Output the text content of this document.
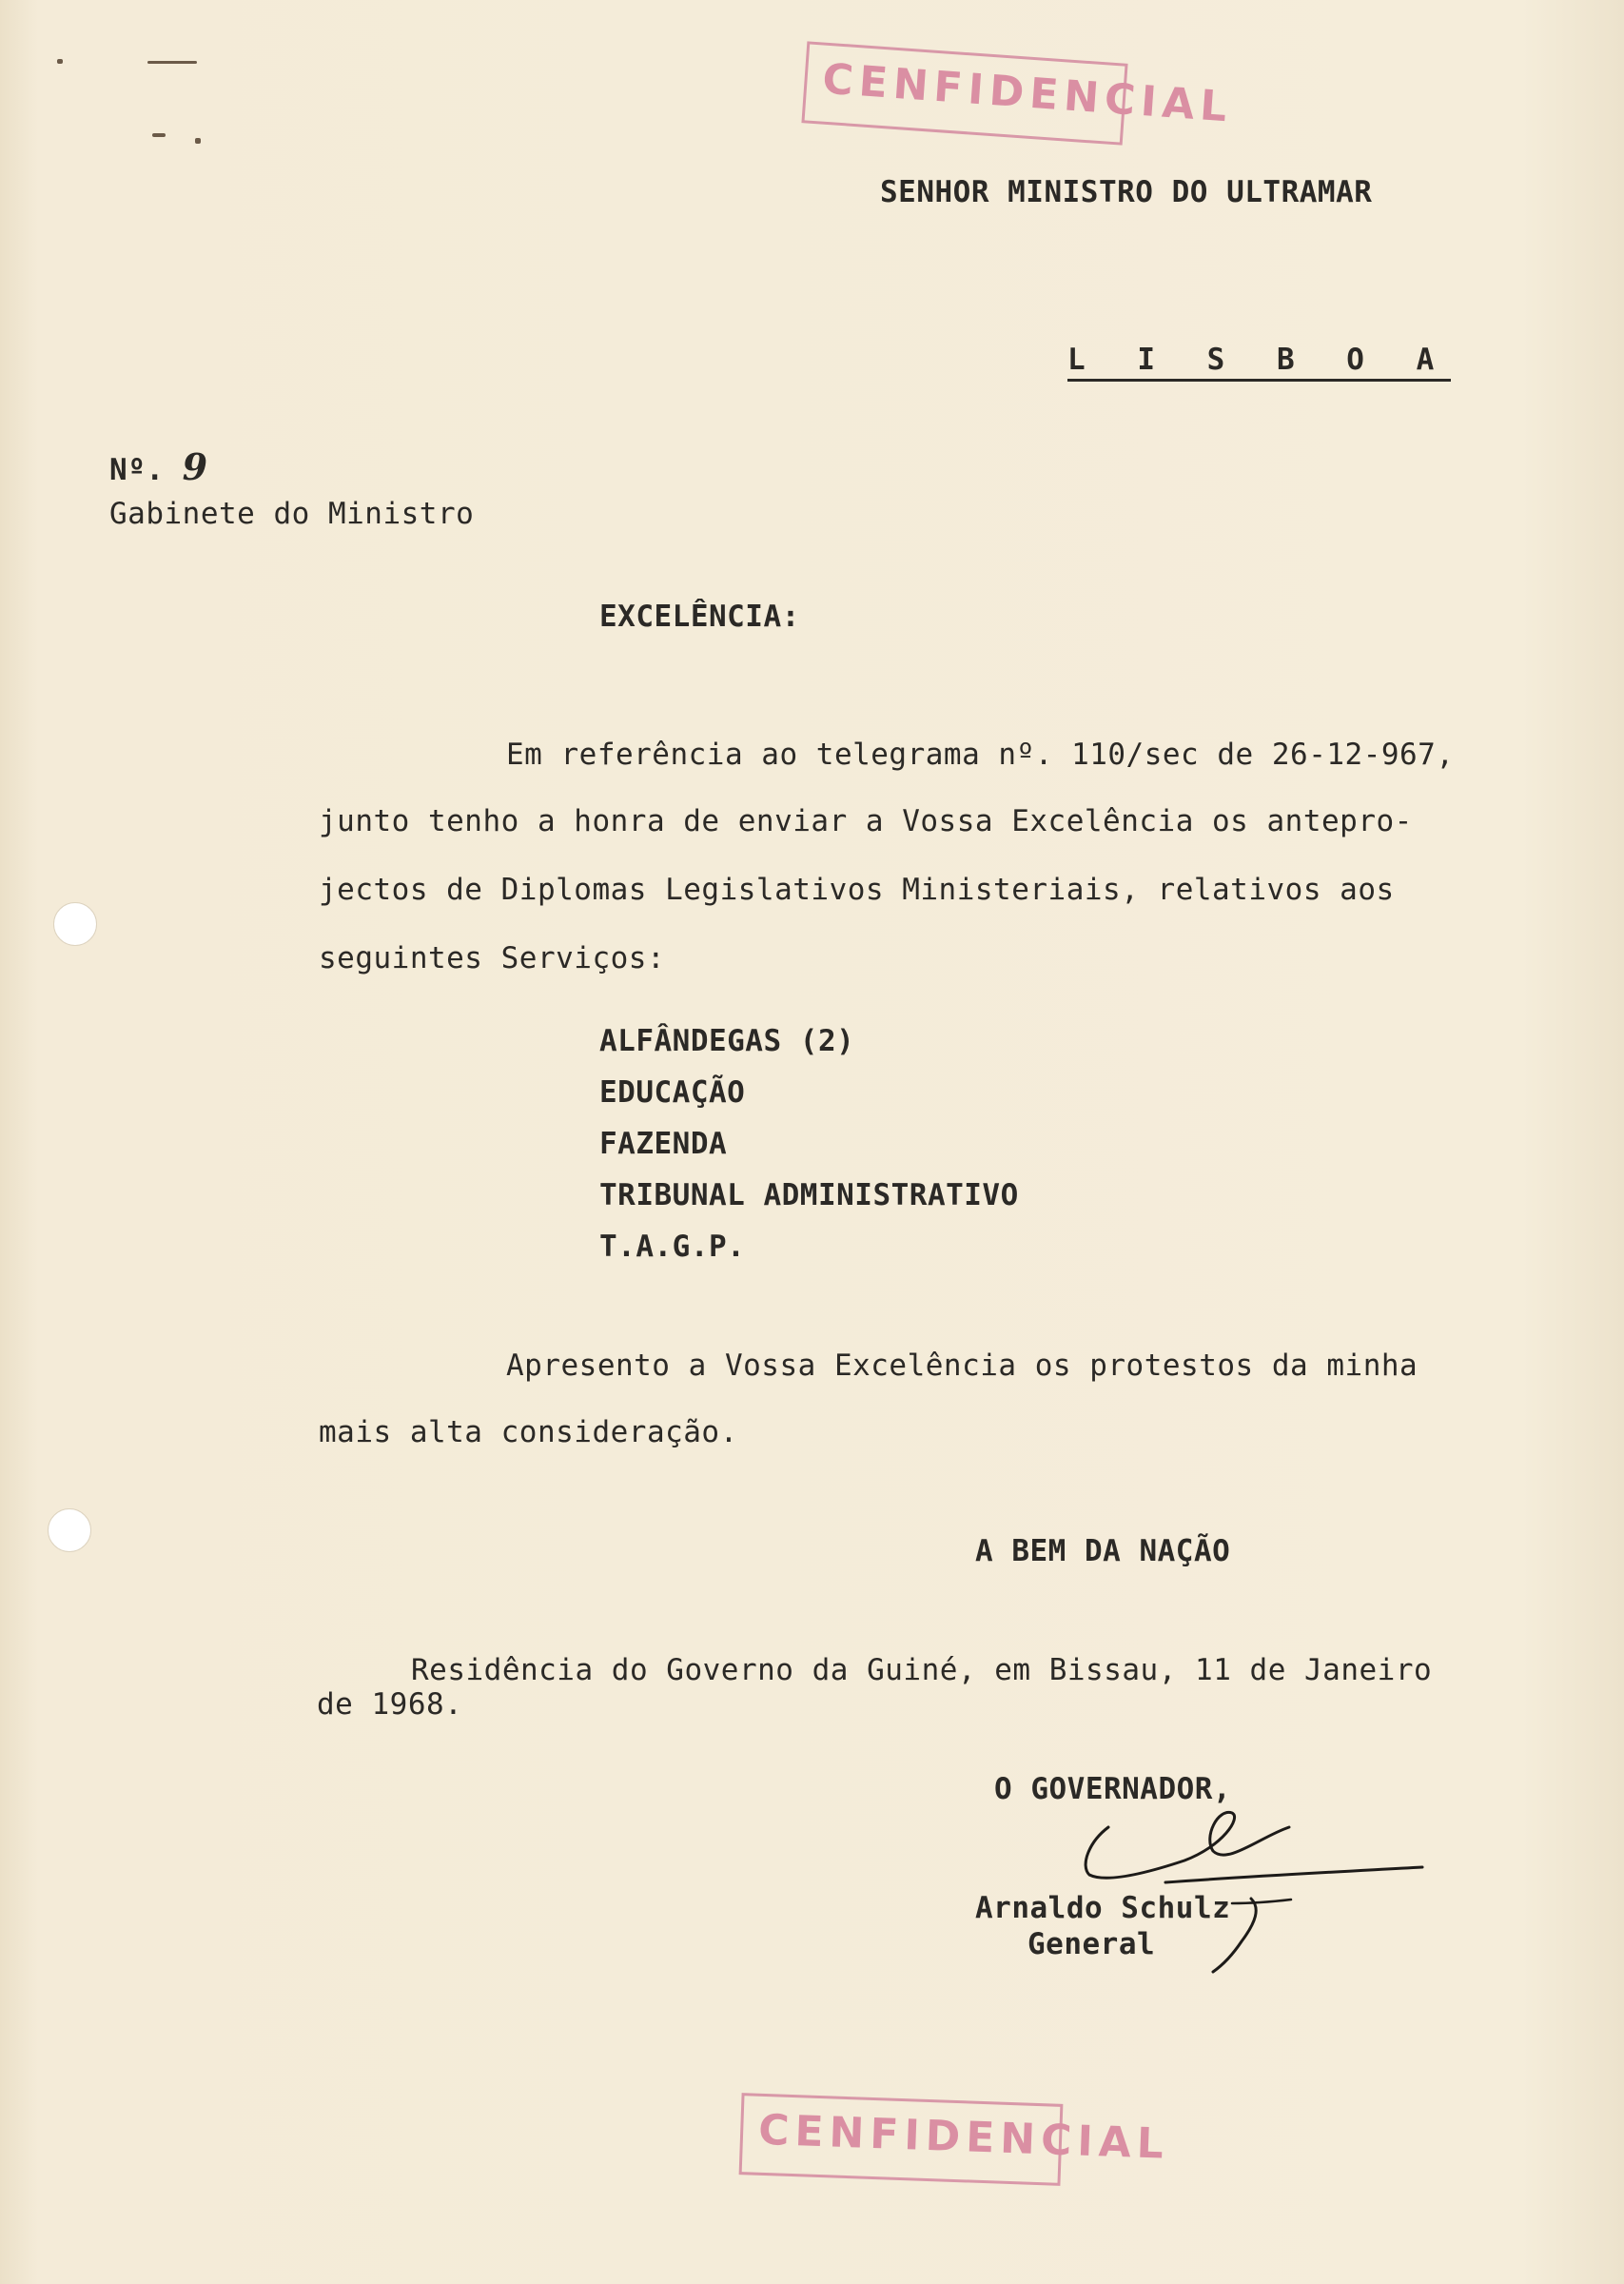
CENFIDENCIAL
SENHOR MINISTRO DO ULTRAMAR
L I S B O A
Nº. 9
Gabinete do Ministro
EXCELÊNCIA:
Em referência ao telegrama nº. 110/sec de 26-12-967,
junto tenho a honra de enviar a Vossa Excelência os antepro-
jectos de Diplomas Legislativos Ministeriais, relativos aos
seguintes Serviços:
ALFÂNDEGAS (2)
EDUCAÇÃO
FAZENDA
TRIBUNAL ADMINISTRATIVO
T.A.G.P.
Apresento a Vossa Excelência os protestos da minha
mais alta consideração.
A BEM DA NAÇÃO
Residência do Governo da Guiné, em Bissau, 11 de Janeiro
de 1968.
O GOVERNADOR,
Arnaldo Schulz
General
CENFIDENCIAL
